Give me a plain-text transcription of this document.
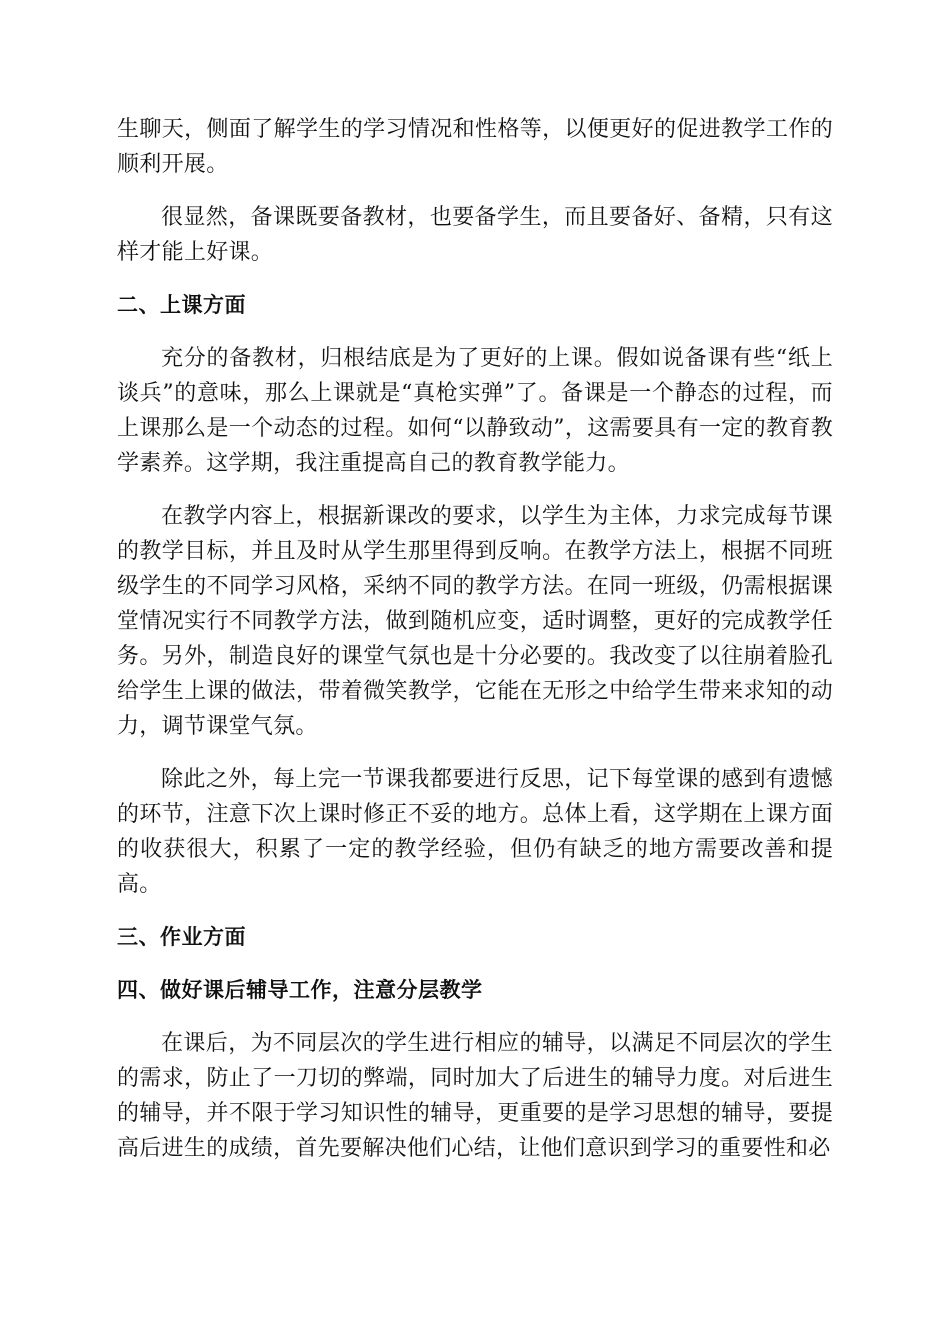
生聊天，侧面了解学生的学习情况和性格等，以便更好的促进教学工作的顺利开展。

很显然，备课既要备教材，也要备学生，而且要备好、备精，只有这样才能上好课。

二、上课方面

充分的备教材，归根结底是为了更好的上课。假如说备课有些“纸上谈兵”的意味，那么上课就是“真枪实弹”了。备课是一个静态的过程，而上课那么是一个动态的过程。如何“以静致动”，这需要具有一定的教育教学素养。这学期，我注重提高自己的教育教学能力。

在教学内容上，根据新课改的要求，以学生为主体，力求完成每节课的教学目标，并且及时从学生那里得到反响。在教学方法上，根据不同班级学生的不同学习风格，采纳不同的教学方法。在同一班级，仍需根据课堂情况实行不同教学方法，做到随机应变，适时调整，更好的完成教学任务。另外，制造良好的课堂气氛也是十分必要的。我改变了以往崩着脸孔给学生上课的做法，带着微笑教学，它能在无形之中给学生带来求知的动力，调节课堂气氛。

除此之外，每上完一节课我都要进行反思，记下每堂课的感到有遗憾的环节，注意下次上课时修正不妥的地方。总体上看，这学期在上课方面的收获很大，积累了一定的教学经验，但仍有缺乏的地方需要改善和提高。

三、作业方面

四、做好课后辅导工作，注意分层教学

在课后，为不同层次的学生进行相应的辅导，以满足不同层次的学生的需求，防止了一刀切的弊端，同时加大了后进生的辅导力度。对后进生的辅导，并不限于学习知识性的辅导，更重要的是学习思想的辅导，要提高后进生的成绩，首先要解决他们心结，让他们意识到学习的重要性和必
